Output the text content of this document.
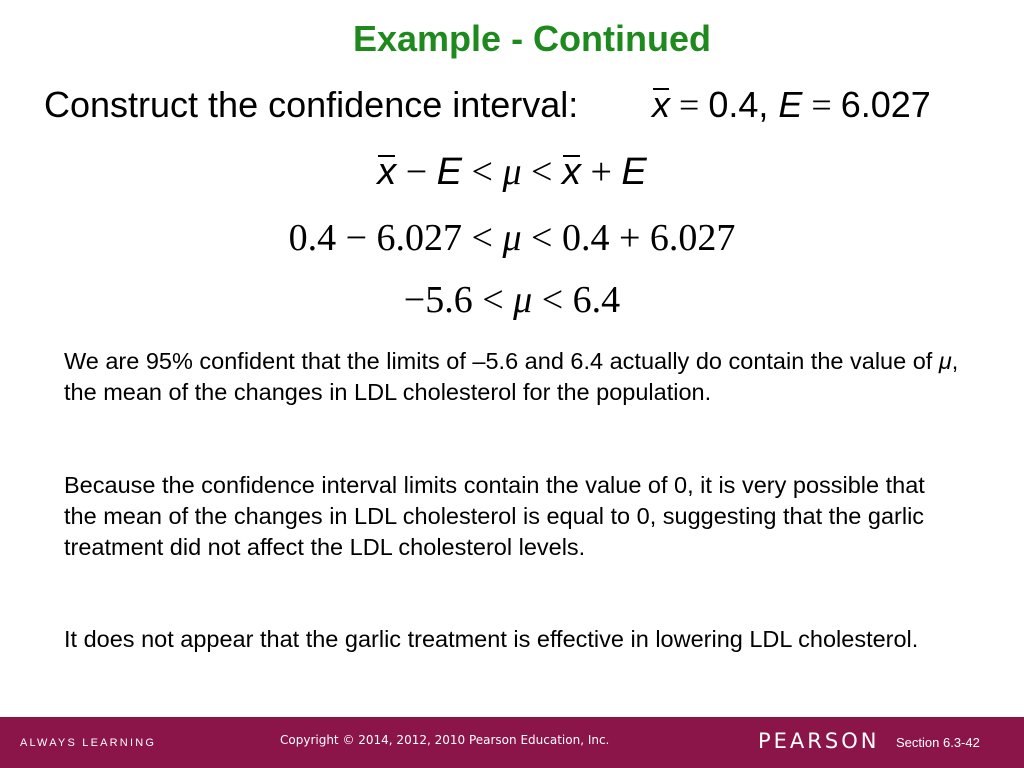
Example - Continued
Construct the confidence interval: x = 0.4, E = 6.027
x − E < μ < x + E
0.4 − 6.027 < μ < 0.4 + 6.027
−5.6 < μ < 6.4
We are 95% confident that the limits of –5.6 and 6.4 actually do contain the value of μ, the mean of the changes in LDL cholesterol for the population.
Because the confidence interval limits contain the value of 0, it is very possible that the mean of the changes in LDL cholesterol is equal to 0, suggesting that the garlic treatment did not affect the LDL cholesterol levels.
It does not appear that the garlic treatment is effective in lowering LDL cholesterol.
ALWAYS LEARNING	Copyright © 2014, 2012, 2010 Pearson Education, Inc.	PEARSON Section 6.3-42
